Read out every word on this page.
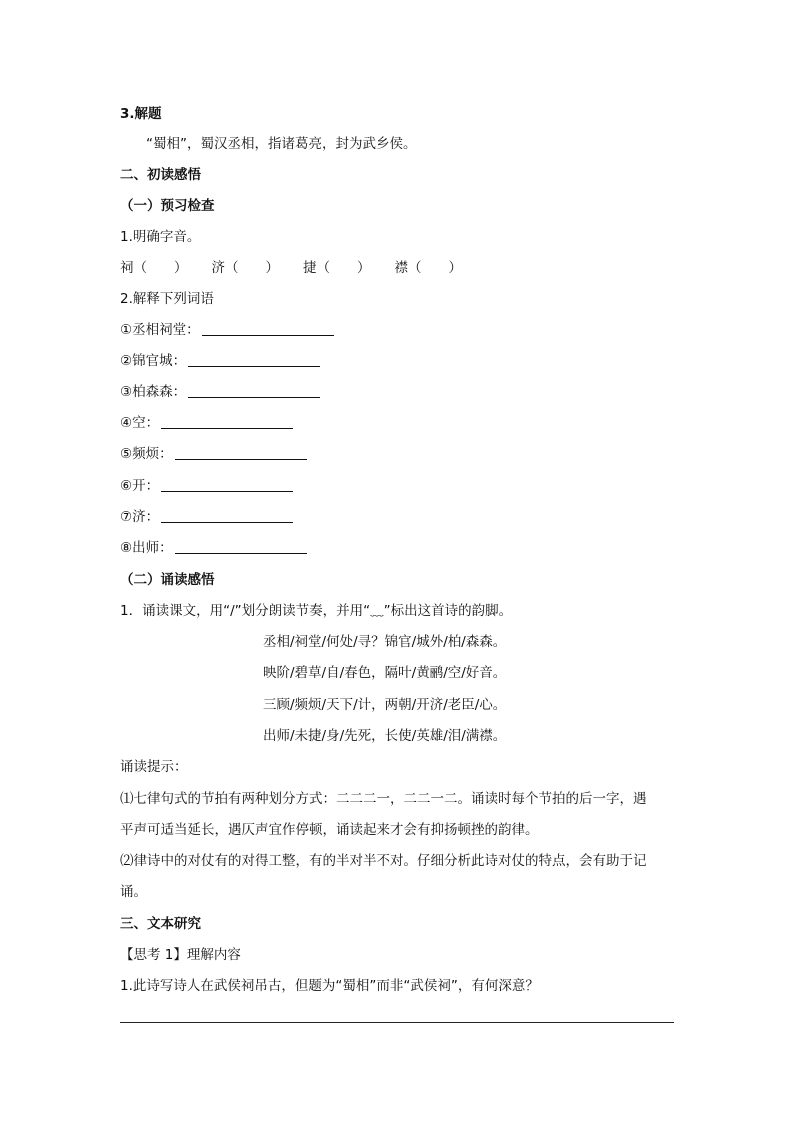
3.解题
“蜀相”，蜀汉丞相，指诸葛亮，封为武乡侯。
二、初读感悟
（一）预习检查
1.明确字音。
祠（　　） 济（　　） 捷（　　） 襟（　　）
2.解释下列词语
①丞相祠堂：
②锦官城：
③柏森森：
④空：
⑤频烦：
⑥开：
⑦济：
⑧出师：
（二）诵读感悟
1．诵读课文，用“/”划分朗读节奏，并用“﹏”标出这首诗的韵脚。
丞相/祠堂/何处/寻？锦官/城外/柏/森森。
映阶/碧草/自/春色，隔叶/黄鹂/空/好音。
三顾/频烦/天下/计，两朝/开济/老臣/心。
出师/未捷/身/先死，长使/英雄/泪/满襟。
诵读提示：
⑴七律句式的节拍有两种划分方式：二二二一，二二一二。诵读时每个节拍的后一字，遇
平声可适当延长，遇仄声宜作停顿，诵读起来才会有抑扬顿挫的韵律。
⑵律诗中的对仗有的对得工整，有的半对半不对。仔细分析此诗对仗的特点，会有助于记
诵。
三、文本研究
【思考 1】理解内容
1.此诗写诗人在武侯祠吊古，但题为“蜀相”而非“武侯祠”，有何深意？
